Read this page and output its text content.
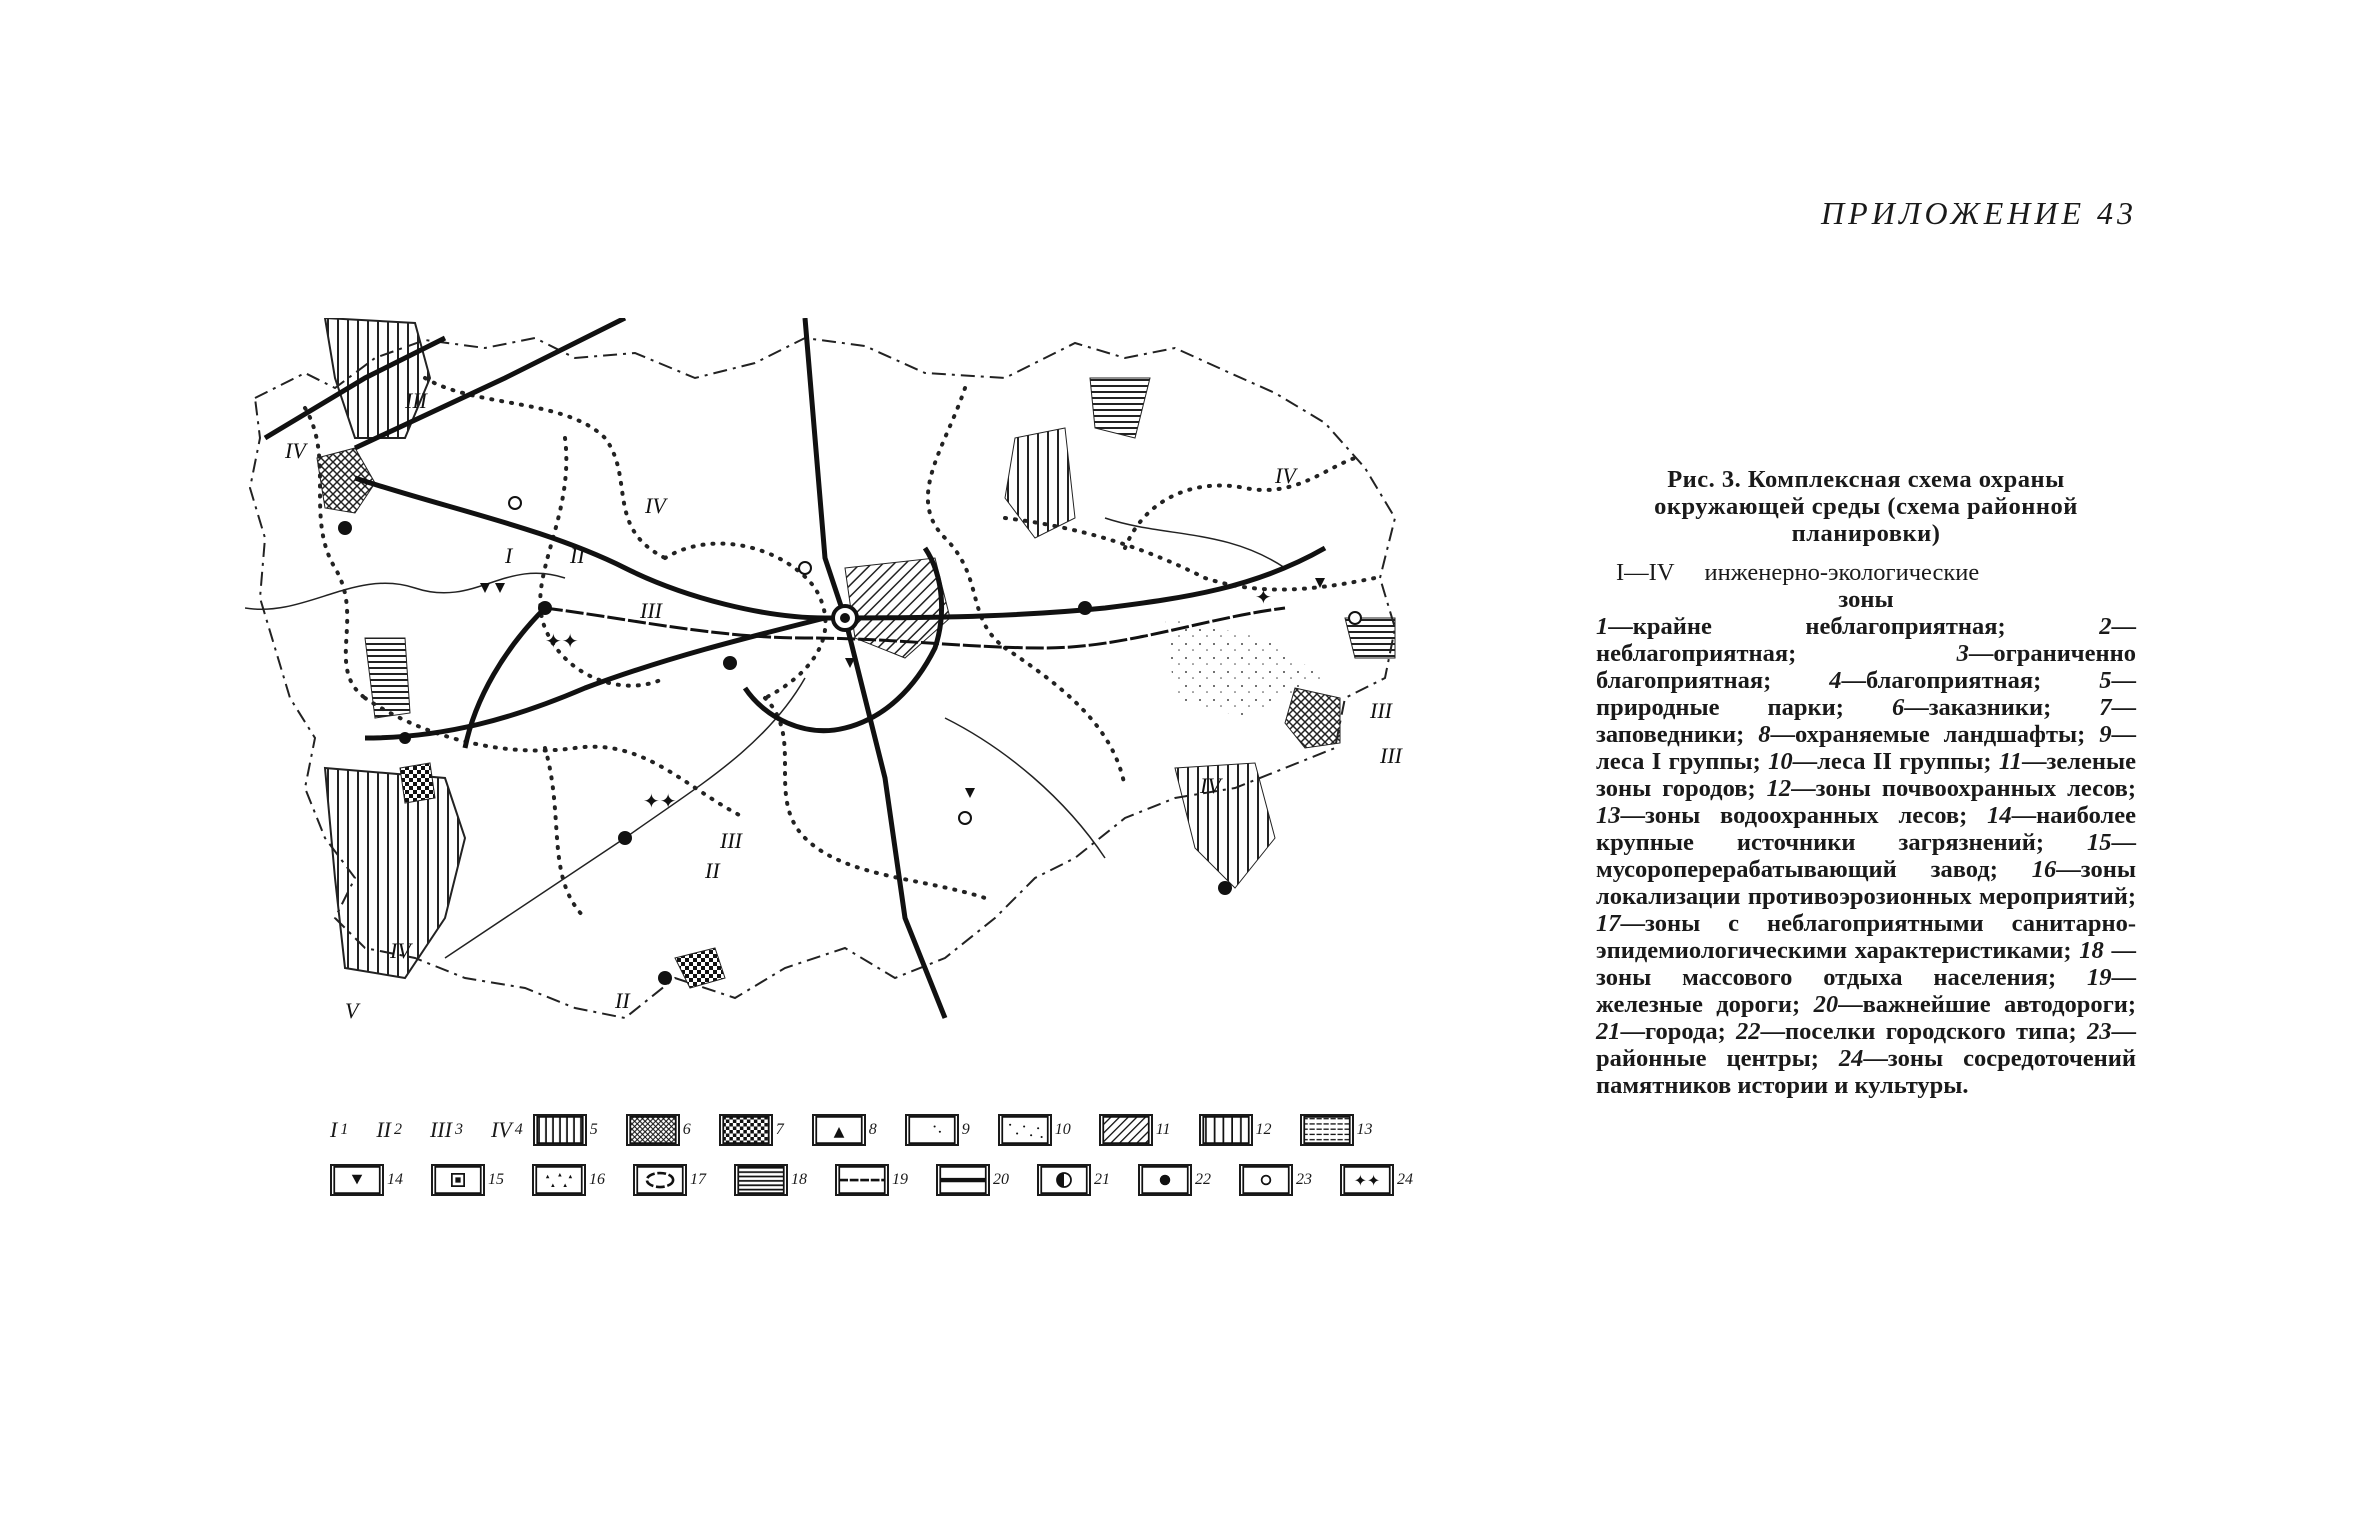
ПРИЛОЖЕНИЕ 43
✦✦
✦✦
✦
III
IV
I	II
III
IV
IV
III
III
IV
III
II
IV
II
V
I 1 II 2 III 3 IV 4	5	6	7	▲ 8	9	10	11	12	13
14	15	16	17	18	19	20	21	22	23 ✦✦ 24
Рис. 3. Комплексная схема охраны окружающей среды (схема районной планировки)
I—IV инженерно-экологические
зоны
1—крайне неблагоприятная; 2—неблагоприятная; 3—ограниченно благоприятная; 4—благоприятная; 5—природные парки; 6—заказники; 7—заповедники; 8—охраняемые ландшафты; 9—леса I группы; 10—леса II группы; 11—зеленые зоны городов; 12—зоны почвоохранных лесов; 13—зоны водоохранных лесов; 14—наиболее крупные источники загрязнений; 15—мусороперерабатывающий завод; 16—зоны локализации противоэрозионных мероприятий; 17—зоны с неблагоприятными санитарно-эпидемиологическими характеристиками; 18 — зоны массового отдыха населения; 19—железные дороги; 20—важнейшие автодороги; 21—города; 22—поселки городского типа; 23—районные центры; 24—зоны сосредоточений памятников истории и культуры.
